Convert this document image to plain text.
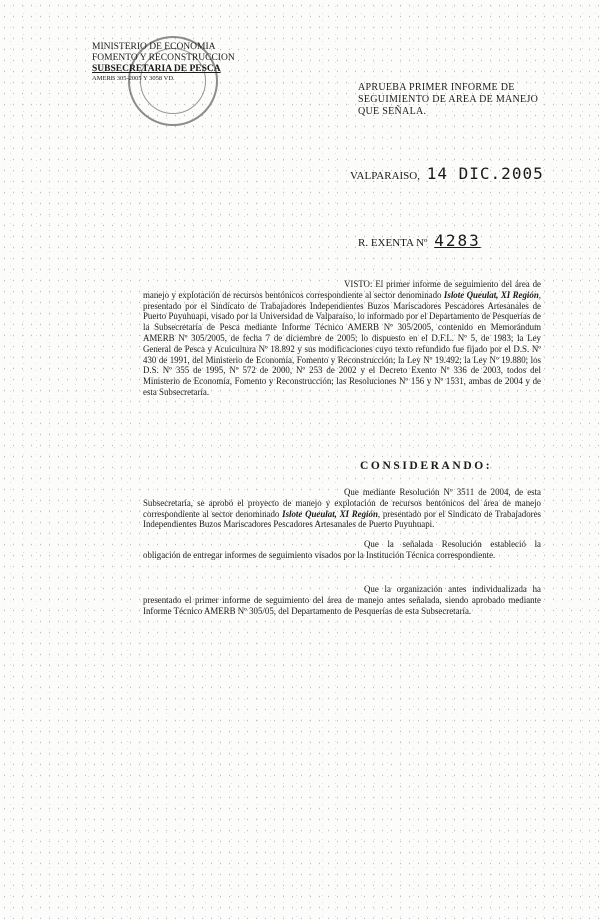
MINISTERIO DE ECONOMIA
FOMENTO Y RECONSTRUCCION
SUBSECRETARIA DE PESCA
AMERB 305-2005 Y 3058 VD.
APRUEBA PRIMER INFORME DE
SEGUIMIENTO DE AREA DE MANEJO
QUE SEÑALA.
VALPARAISO, 14 DIC.2005
R. EXENTA Nº 4283
VISTO: El primer informe de seguimiento del área de manejo y explotación de recursos bentónicos correspondiente al sector denominado Islote Queulat, XI Región, presentado por el Sindicato de Trabajadores Independientes Buzos Mariscadores Pescadores Artesanales de Puerto Puyuhuapi, visado por la Universidad de Valparaíso, lo informado por el Departamento de Pesquerías de la Subsecretaría de Pesca mediante Informe Técnico AMERB Nº 305/2005, contenido en Memorándum AMERB Nº 305/2005, de fecha 7 de diciembre de 2005; lo dispuesto en el D.F.L. Nº 5, de 1983; la Ley General de Pesca y Acuicultura Nº 18.892 y sus modificaciones cuyo texto refundido fue fijado por el D.S. Nº 430 de 1991, del Ministerio de Economía, Fomento y Reconstrucción; la Ley Nº 19.492; la Ley Nº 19.880; los D.S. Nº 355 de 1995, Nº 572 de 2000, Nº 253 de 2002 y el Decreto Exento Nº 336 de 2003, todos del Ministerio de Economía, Fomento y Reconstrucción; las Resoluciones Nº 156 y Nº 1531, ambas de 2004 y de esta Subsecretaría.
CONSIDERANDO:
Que mediante Resolución Nº 3511 de 2004, de esta Subsecretaría, se aprobó el proyecto de manejo y explotación de recursos bentónicos del área de manejo correspondiente al sector denominado Islote Queulat, XI Región, presentado por el Sindicato de Trabajadores Independientes Buzos Mariscadores Pescadores Artesanales de Puerto Puyuhuapi.
Que la señalada Resolución estableció la obligación de entregar informes de seguimiento visados por la Institución Técnica correspondiente.
Que la organización antes individualizada ha presentado el primer informe de seguimiento del área de manejo antes señalada, siendo aprobado mediante Informe Técnico AMERB Nº 305/05, del Departamento de Pesquerías de esta Subsecretaría.
